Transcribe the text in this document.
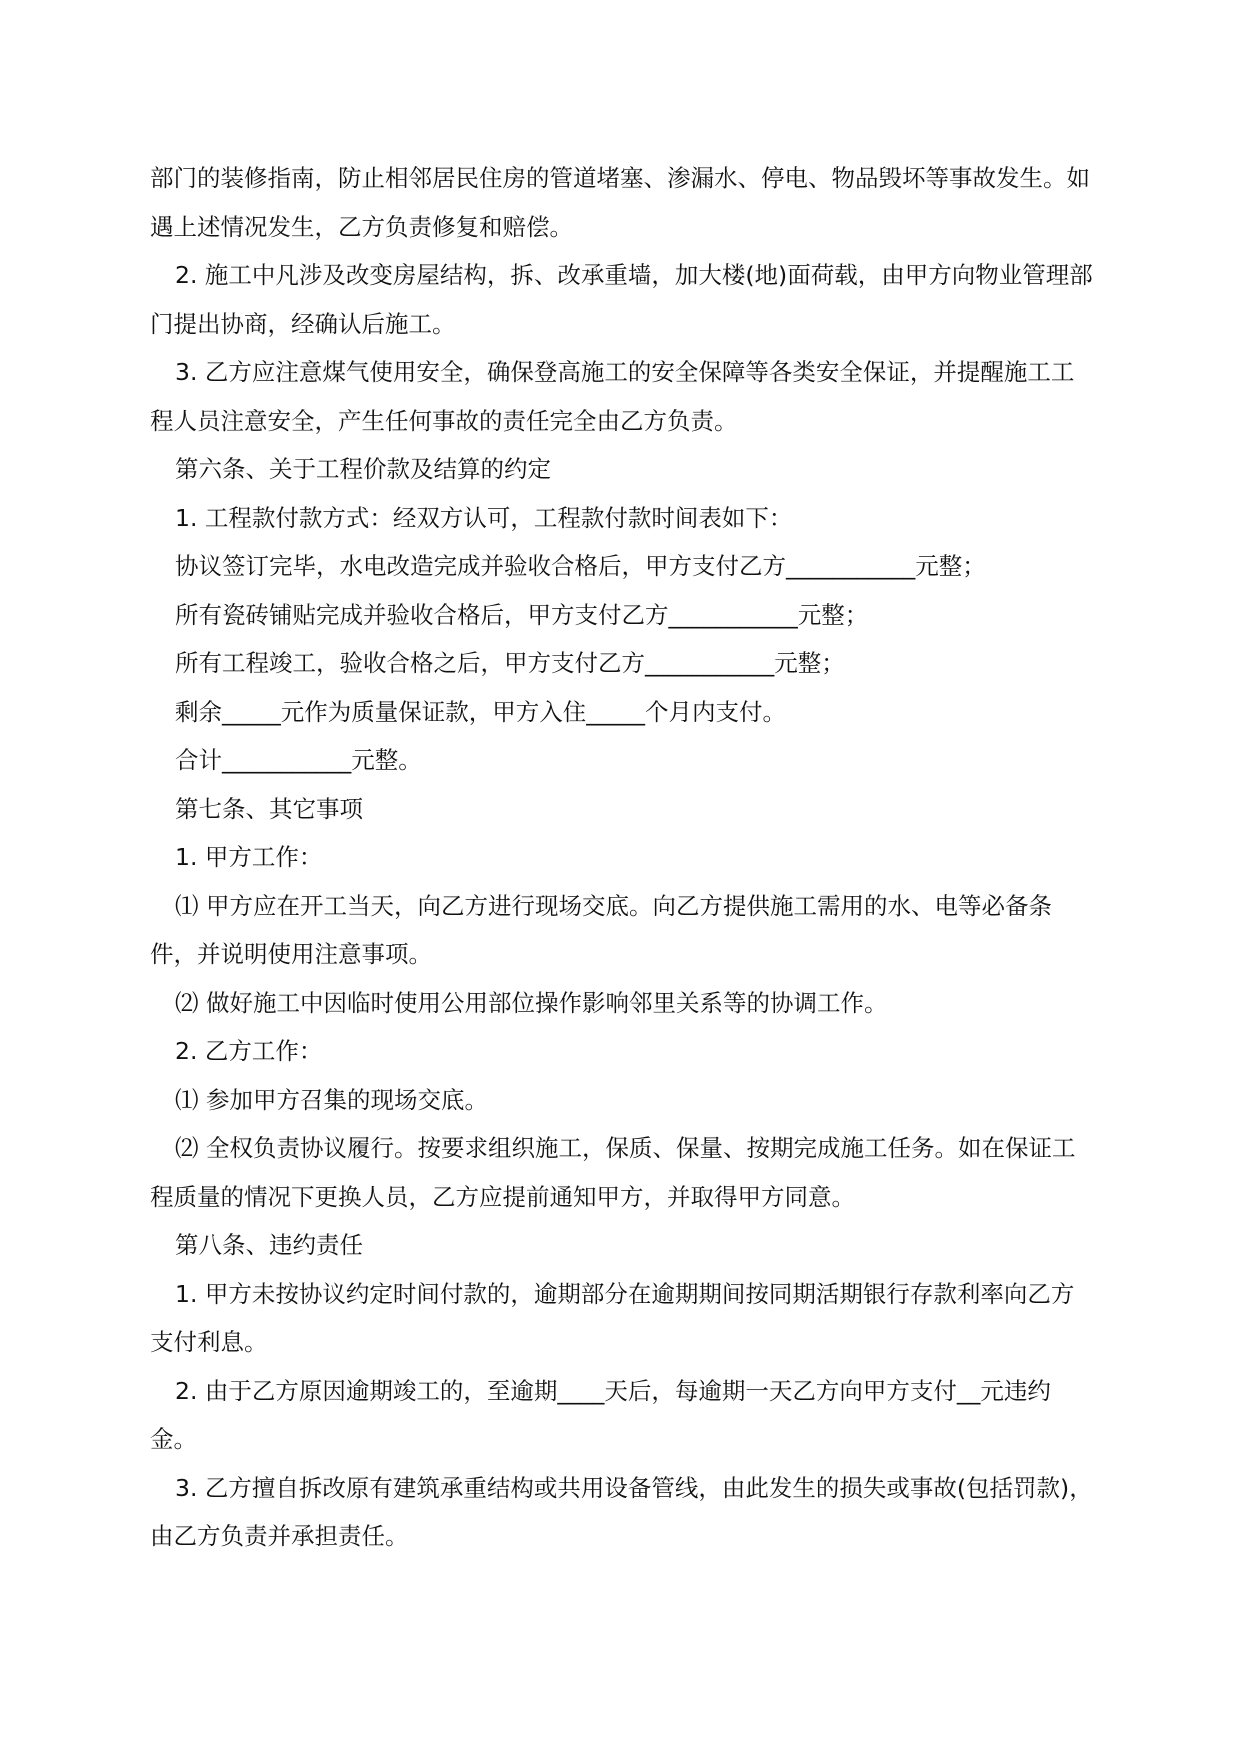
部门的装修指南，防止相邻居民住房的管道堵塞、渗漏水、停电、物品毁坏等事故发生。如遇上述情况发生，乙方负责修复和赔偿。

2. 施工中凡涉及改变房屋结构，拆、改承重墙，加大楼(地)面荷载，由甲方向物业管理部门提出协商，经确认后施工。

3. 乙方应注意煤气使用安全，确保登高施工的安全保障等各类安全保证，并提醒施工工程人员注意安全，产生任何事故的责任完全由乙方负责。

第六条、关于工程价款及结算的约定

1. 工程款付款方式：经双方认可，工程款付款时间表如下：

协议签订完毕，水电改造完成并验收合格后，甲方支付乙方___________元整；

所有瓷砖铺贴完成并验收合格后，甲方支付乙方___________元整；

所有工程竣工，验收合格之后，甲方支付乙方___________元整；

剩余_____元作为质量保证款，甲方入住_____个月内支付。

合计___________元整。

第七条、其它事项

1. 甲方工作：

⑴ 甲方应在开工当天，向乙方进行现场交底。向乙方提供施工需用的水、电等必备条件，并说明使用注意事项。

⑵ 做好施工中因临时使用公用部位操作影响邻里关系等的协调工作。

2. 乙方工作：

⑴ 参加甲方召集的现场交底。

⑵ 全权负责协议履行。按要求组织施工，保质、保量、按期完成施工任务。如在保证工程质量的情况下更换人员，乙方应提前通知甲方，并取得甲方同意。

第八条、违约责任

1. 甲方未按协议约定时间付款的，逾期部分在逾期期间按同期活期银行存款利率向乙方支付利息。

2. 由于乙方原因逾期竣工的，至逾期____天后，每逾期一天乙方向甲方支付__元违约金。

3. 乙方擅自拆改原有建筑承重结构或共用设备管线，由此发生的损失或事故(包括罚款)，由乙方负责并承担责任。
